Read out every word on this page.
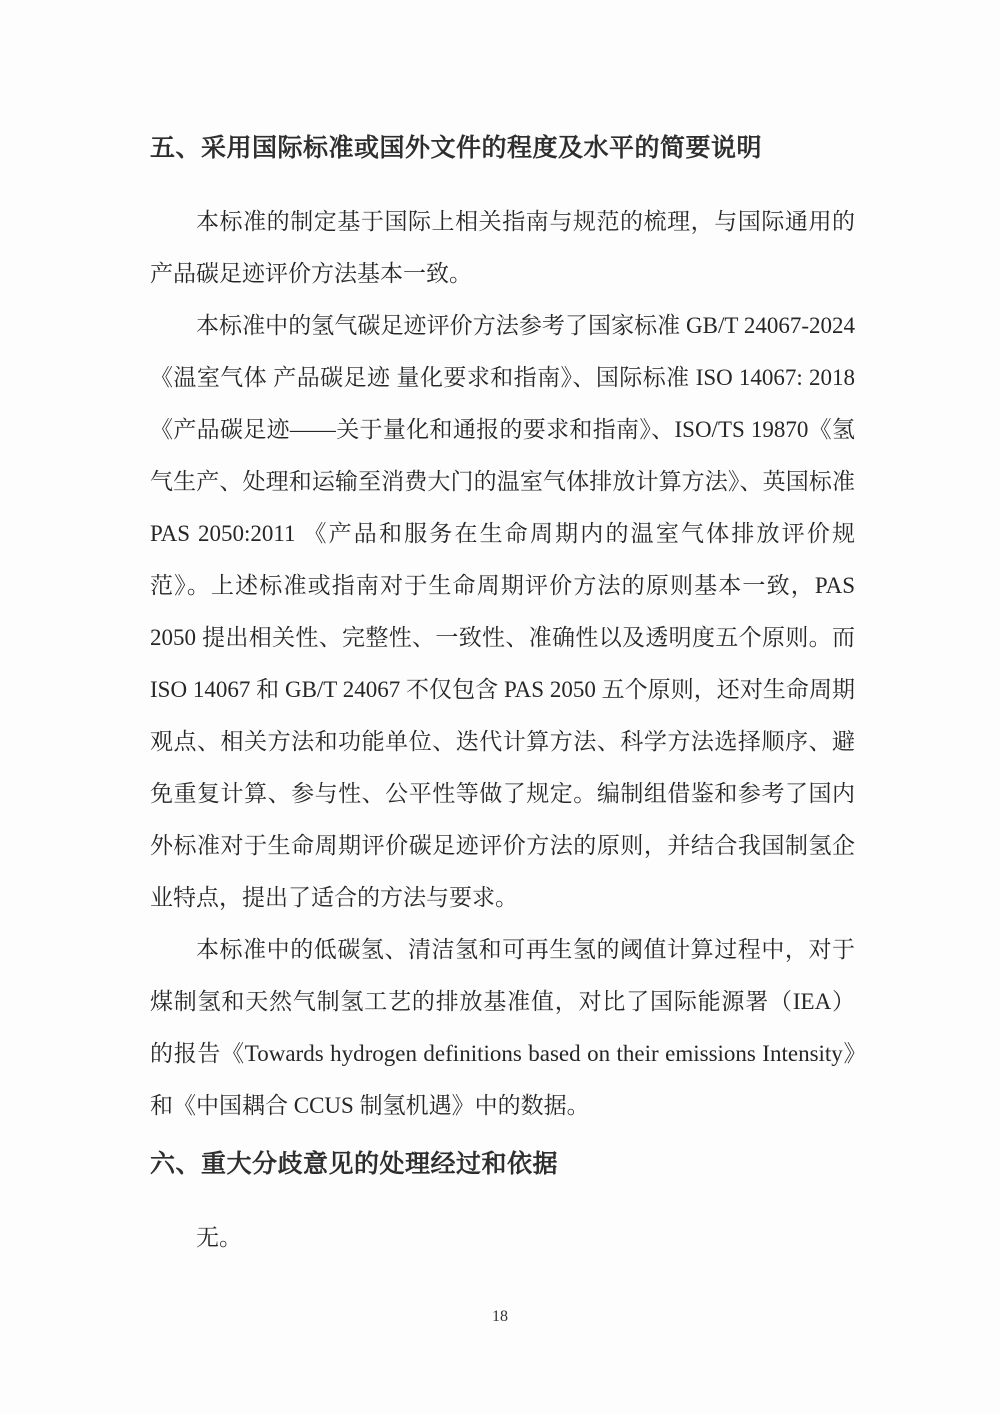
五、采用国际标准或国外文件的程度及水平的简要说明

本标准的制定基于国际上相关指南与规范的梳理，与国际通用的产品碳足迹评价方法基本一致。

本标准中的氢气碳足迹评价方法参考了国家标准 GB/T 24067-2024《温室气体 产品碳足迹 量化要求和指南》、国际标准 ISO 14067: 2018 《产品碳足迹——关于量化和通报的要求和指南》、ISO/TS 19870《氢气生产、处理和运输至消费大门的温室气体排放计算方法》、英国标准 PAS 2050:2011 《产品和服务在生命周期内的温室气体排放评价规范》。上述标准或指南对于生命周期评价方法的原则基本一致，PAS 2050 提出相关性、完整性、一致性、准确性以及透明度五个原则。而 ISO 14067 和 GB/T 24067 不仅包含 PAS 2050 五个原则，还对生命周期观点、相关方法和功能单位、迭代计算方法、科学方法选择顺序、避免重复计算、参与性、公平性等做了规定。编制组借鉴和参考了国内外标准对于生命周期评价碳足迹评价方法的原则，并结合我国制氢企业特点，提出了适合的方法与要求。

本标准中的低碳氢、清洁氢和可再生氢的阈值计算过程中，对于煤制氢和天然气制氢工艺的排放基准值，对比了国际能源署（IEA）的报告《Towards hydrogen definitions based on their emissions Intensity》和《中国耦合 CCUS 制氢机遇》中的数据。

六、重大分歧意见的处理经过和依据

无。

18
